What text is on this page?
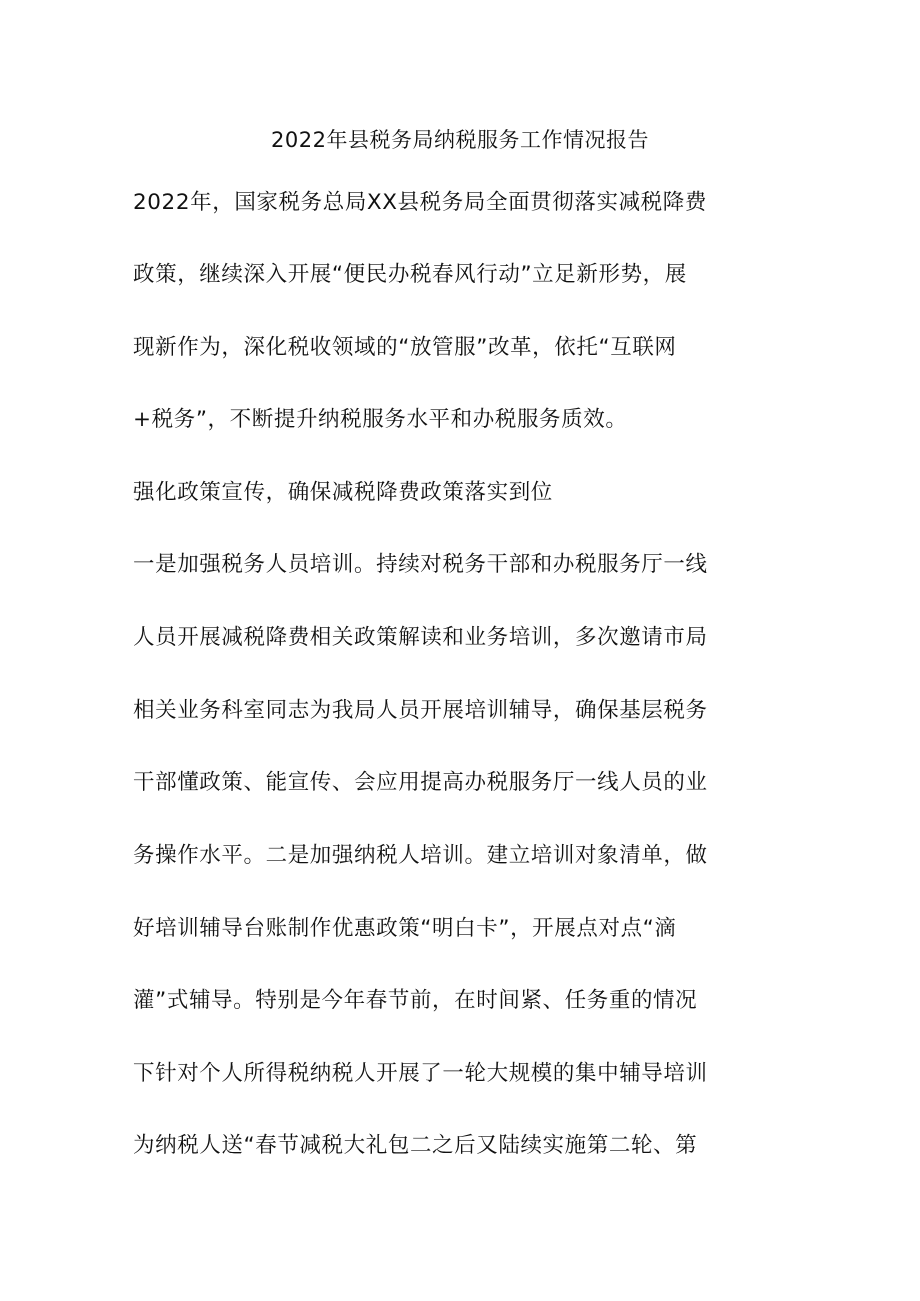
2022年县税务局纳税服务工作情况报告
2022年，国家税务总局XX县税务局全面贯彻落实减税降费
政策，继续深入开展“便民办税春风行动”立足新形势，展
现新作为，深化税收领域的“放管服”改革，依托“互联网
+税务”，不断提升纳税服务水平和办税服务质效。
强化政策宣传，确保减税降费政策落实到位
一是加强税务人员培训。持续对税务干部和办税服务厅一线
人员开展减税降费相关政策解读和业务培训，多次邀请市局
相关业务科室同志为我局人员开展培训辅导，确保基层税务
干部懂政策、能宣传、会应用提高办税服务厅一线人员的业
务操作水平。二是加强纳税人培训。建立培训对象清单，做
好培训辅导台账制作优惠政策“明白卡”，开展点对点“滴
灌”式辅导。特别是今年春节前，在时间紧、任务重的情况
下针对个人所得税纳税人开展了一轮大规模的集中辅导培训
为纳税人送“春节减税大礼包二之后又陆续实施第二轮、第
